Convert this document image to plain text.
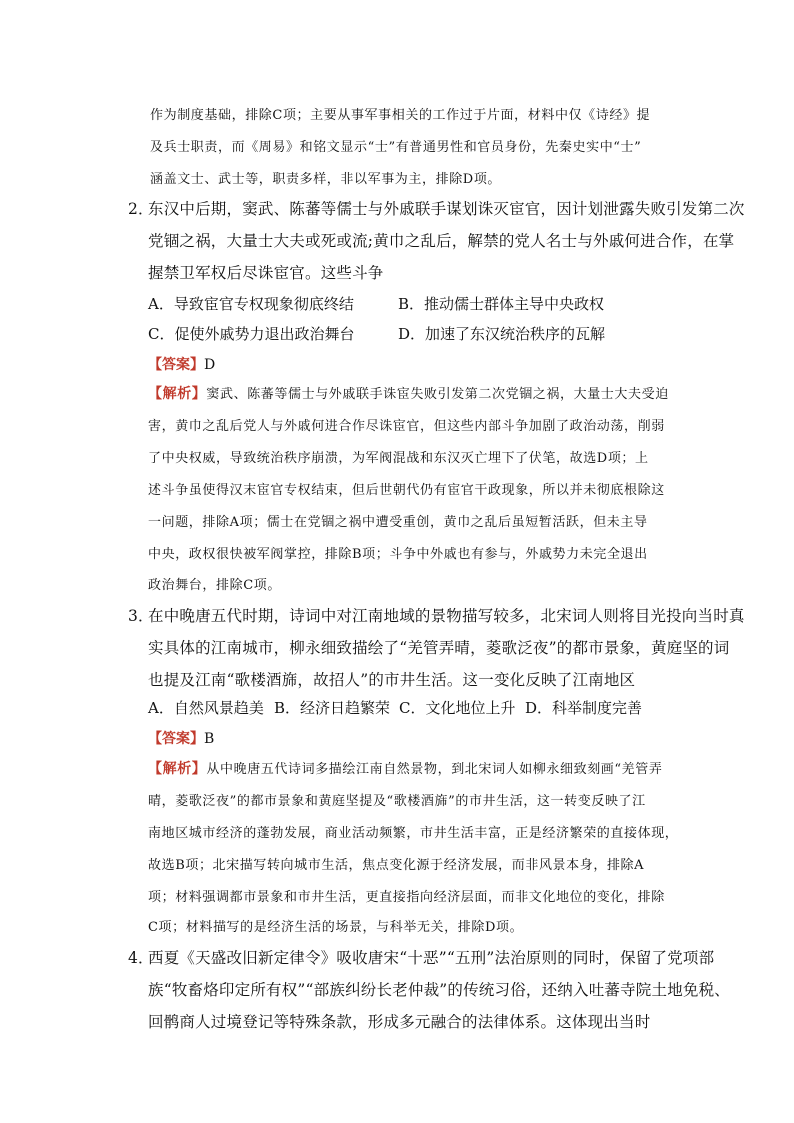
作为制度基础，排除C项；主要从事军事相关的工作过于片面，材料中仅《诗经》提
及兵士职责，而《周易》和铭文显示“士”有普通男性和官员身份，先秦史实中“士”
涵盖文士、武士等，职责多样，非以军事为主，排除D项。
2．
东汉中后期，窦武、陈蕃等儒士与外戚联手谋划诛灭宦官，因计划泄露失败引发第二次
党锢之祸，大量士大夫或死或流;黄巾之乱后，解禁的党人名士与外戚何进合作，在掌
握禁卫军权后尽诛宦官。这些斗争
A．导致宦官专权现象彻底终结	B．推动儒士群体主导中央政权
C．促使外戚势力退出政治舞台	D．加速了东汉统治秩序的瓦解
【答案】D
【解析】窦武、陈蕃等儒士与外戚联手诛宦失败引发第二次党锢之祸，大量士大夫受迫
害，黄巾之乱后党人与外戚何进合作尽诛宦官，但这些内部斗争加剧了政治动荡，削弱
了中央权威，导致统治秩序崩溃，为军阀混战和东汉灭亡埋下了伏笔，故选D项；上
述斗争虽使得汉末宦官专权结束，但后世朝代仍有宦官干政现象，所以并未彻底根除这
一问题，排除A项；儒士在党锢之祸中遭受重创，黄巾之乱后虽短暂活跃，但未主导
中央，政权很快被军阀掌控，排除B项；斗争中外戚也有参与，外戚势力未完全退出
政治舞台，排除C项。
3．
在中晚唐五代时期，诗词中对江南地域的景物描写较多，北宋词人则将目光投向当时真
实具体的江南城市，柳永细致描绘了“羌管弄晴，菱歌泛夜”的都市景象，黄庭坚的词
也提及江南“歌楼酒旆，故招人”的市井生活。这一变化反映了江南地区
A．自然风景趋美 B．经济日趋繁荣 C．文化地位上升 D．科举制度完善
【答案】B
【解析】从中晚唐五代诗词多描绘江南自然景物，到北宋词人如柳永细致刻画“羌管弄
晴，菱歌泛夜”的都市景象和黄庭坚提及“歌楼酒旆”的市井生活，这一转变反映了江
南地区城市经济的蓬勃发展，商业活动频繁，市井生活丰富，正是经济繁荣的直接体现，
故选B项；北宋描写转向城市生活，焦点变化源于经济发展，而非风景本身，排除A
项；材料强调都市景象和市井生活，更直接指向经济层面，而非文化地位的变化，排除
C项；材料描写的是经济生活的场景，与科举无关，排除D项。
4．
西夏《天盛改旧新定律令》吸收唐宋“十恶”“五刑”法治原则的同时，保留了党项部
族“牧畜烙印定所有权”“部族纠纷长老仲裁”的传统习俗，还纳入吐蕃寺院土地免税、
回鹘商人过境登记等特殊条款，形成多元融合的法律体系。这体现出当时
